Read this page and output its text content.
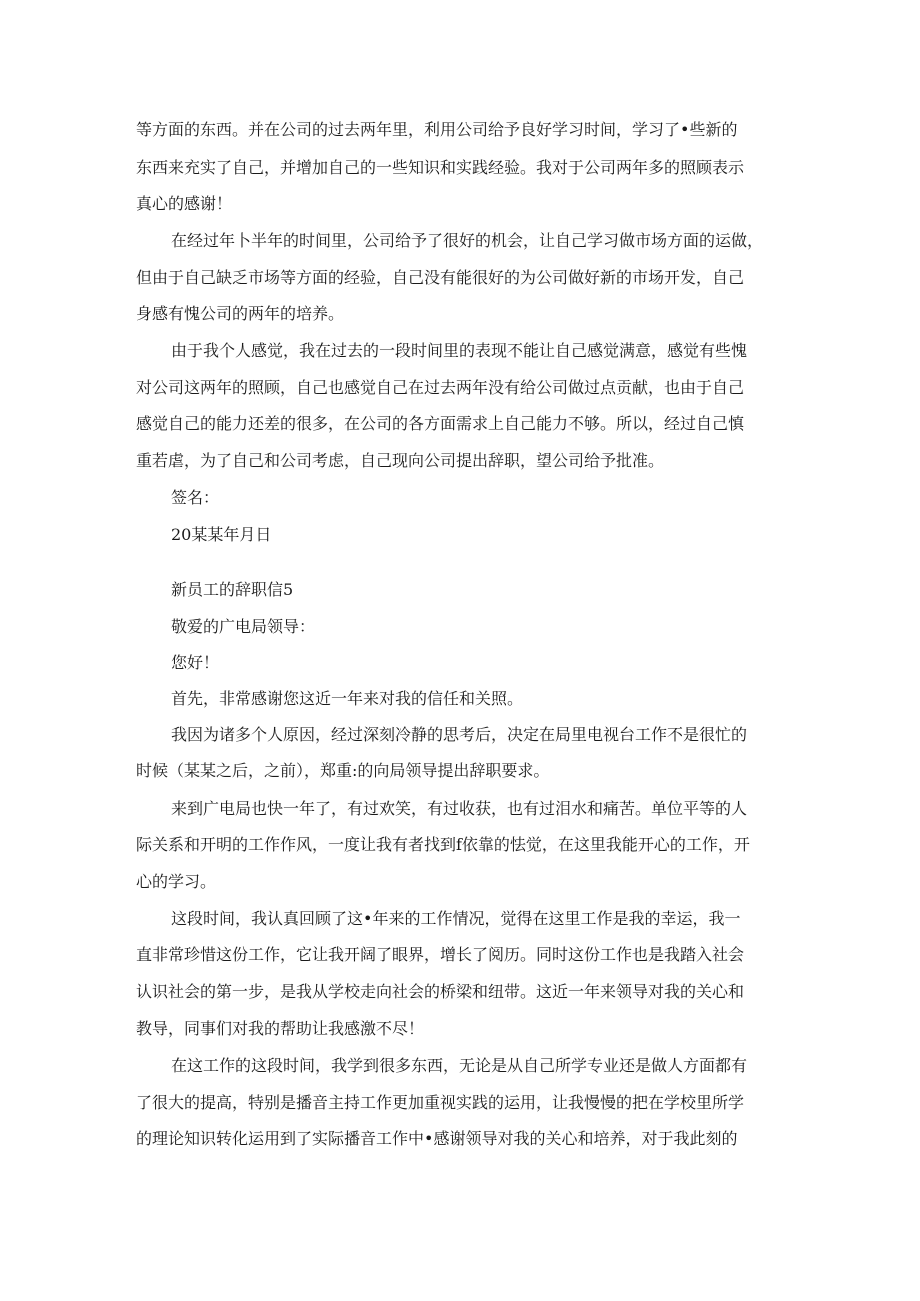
等方面的东西。并在公司的过去两年里，利用公司给予良好学习时间，学习了•些新的
东西来充实了自己，并增加自己的一些知识和实践经验。我对于公司两年多的照顾表示
真心的感谢！
在经过年卜半年的时间里，公司给予了很好的机会，让自己学习做市场方面的运做，
但由于自己缺乏市场等方面的经验，自己没有能很好的为公司做好新的市场开发，自己
身感有愧公司的两年的培养。
由于我个人感觉，我在过去的一段时间里的表现不能让自己感觉满意，感觉有些愧
对公司这两年的照顾，自己也感觉自己在过去两年没有给公司做过点贡献，也由于自己
感觉自己的能力还差的很多，在公司的各方面需求上自己能力不够。所以，经过自己慎
重若虐，为了自己和公司考虑，自己现向公司提出辞职，望公司给予批准。
签名：
20某某年月日
新员工的辞职信5
敬爱的广电局领导：
您好！
首先，非常感谢您这近一年来对我的信任和关照。
我因为诸多个人原因，经过深刻冷静的思考后，决定在局里电视台工作不是很忙的
时候（某某之后，之前），郑重:的向局领导提出辞职要求。
来到广电局也快一年了，有过欢笑，有过收获，也有过泪水和痛苦。单位平等的人
际关系和开明的工作作风，一度让我有者找到f依靠的怯觉，在这里我能开心的工作，开
心的学习。
这段时间，我认真回顾了这•年来的工作情况，觉得在这里工作是我的幸运，我一
直非常珍惜这份工作，它让我开阔了眼界，增长了阅历。同时这份工作也是我踏入社会
认识社会的第一步，是我从学校走向社会的桥梁和纽带。这近一年来领导对我的关心和
教导，同事们对我的帮助让我感激不尽！
在这工作的这段时间，我学到很多东西，无论是从自己所学专业还是做人方面都有
了很大的提高，特别是播音主持工作更加重视实践的运用，让我慢慢的把在学校里所学
的理论知识转化运用到了实际播音工作中•感谢领导对我的关心和培养，对于我此刻的
